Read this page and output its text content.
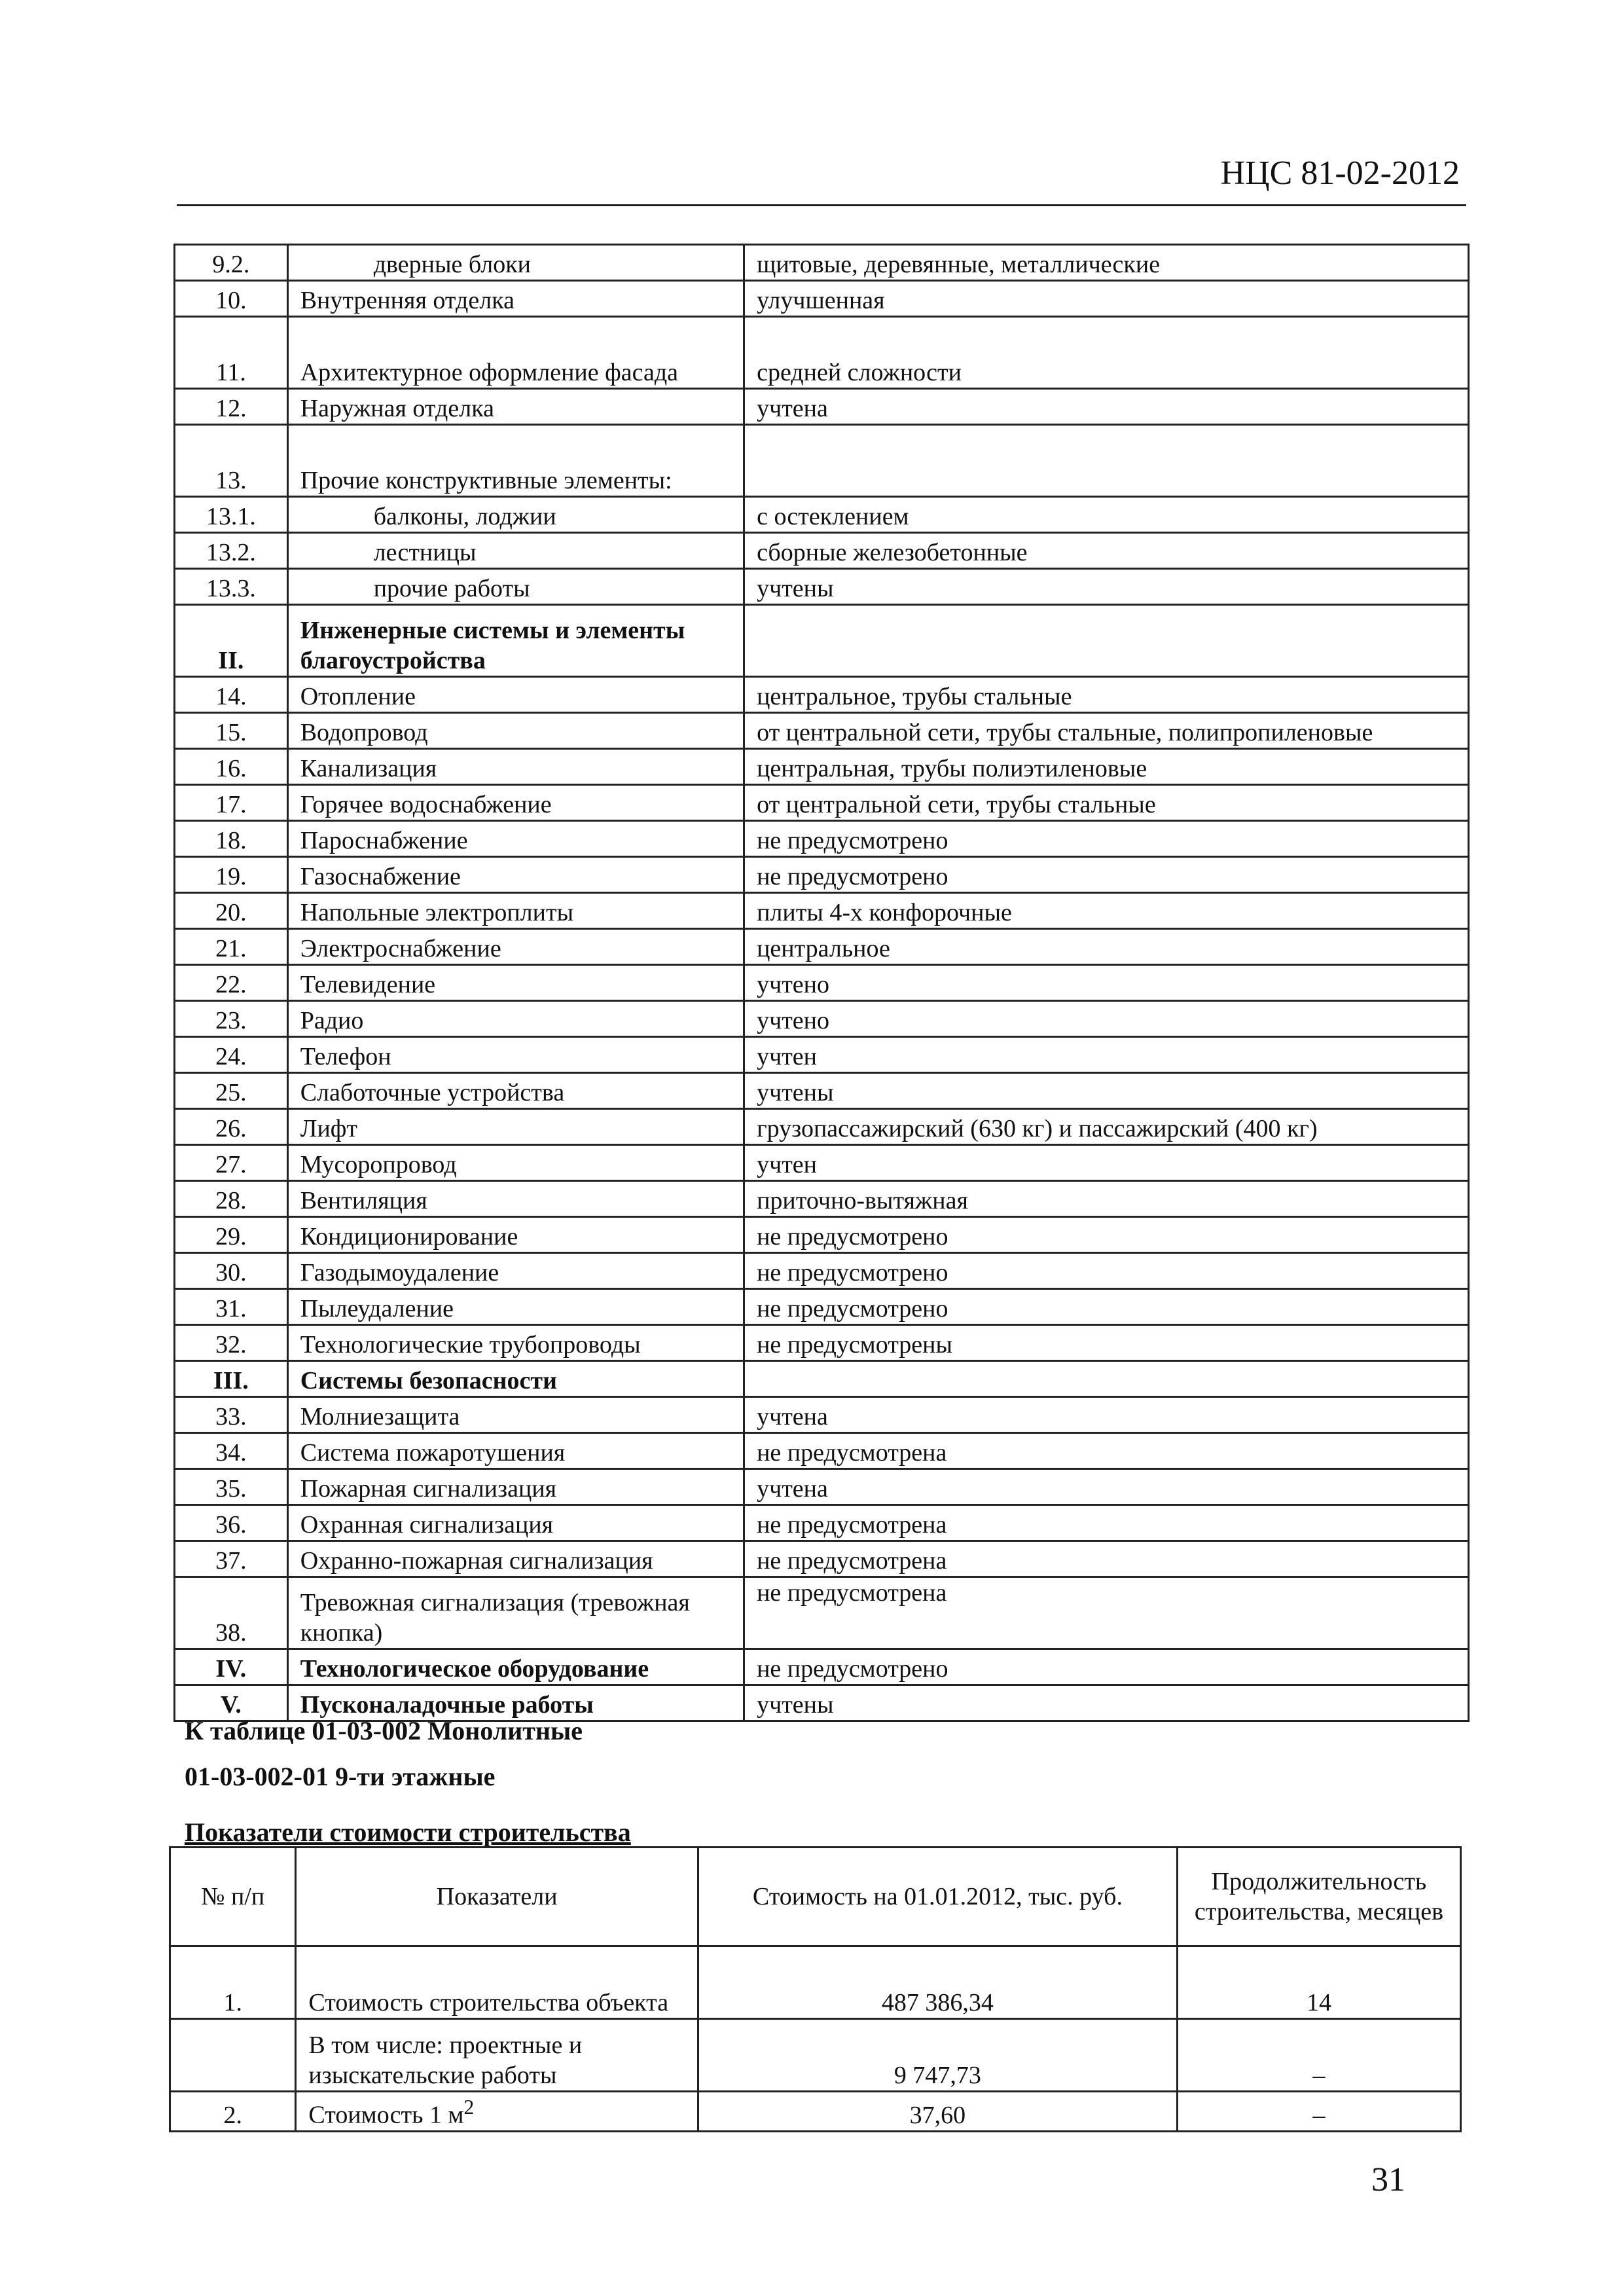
НЦС 81-02-2012
9.2.	дверные блоки	щитовые, деревянные, металлические
10.	Внутренняя отделка	улучшенная
11.	Архитектурное оформление фасада	средней сложности
12.	Наружная отделка	учтена
13.	Прочие конструктивные элементы:	
13.1.	балконы, лоджии	с остеклением
13.2.	лестницы	сборные железобетонные
13.3.	прочие работы	учтены
II.	Инженерные системы и элементы благоустройства	
14.	Отопление	центральное, трубы стальные
15.	Водопровод	от центральной сети, трубы стальные, полипропиленовые
16.	Канализация	центральная, трубы полиэтиленовые
17.	Горячее водоснабжение	от центральной сети, трубы стальные
18.	Пароснабжение	не предусмотрено
19.	Газоснабжение	не предусмотрено
20.	Напольные электроплиты	плиты 4-х конфорочные
21.	Электроснабжение	центральное
22.	Телевидение	учтено
23.	Радио	учтено
24.	Телефон	учтен
25.	Слаботочные устройства	учтены
26.	Лифт	грузопассажирский (630 кг) и пассажирский (400 кг)
27.	Мусоропровод	учтен
28.	Вентиляция	приточно-вытяжная
29.	Кондиционирование	не предусмотрено
30.	Газодымоудаление	не предусмотрено
31.	Пылеудаление	не предусмотрено
32.	Технологические трубопроводы	не предусмотрены
III.	Системы безопасности	
33.	Молниезащита	учтена
34.	Система пожаротушения	не предусмотрена
35.	Пожарная сигнализация	учтена
36.	Охранная сигнализация	не предусмотрена
37.	Охранно-пожарная сигнализация	не предусмотрена
38.	Тревожная сигнализация (тревожная кнопка)	не предусмотрена
IV.	Технологическое оборудование	не предусмотрено
V.	Пусконаладочные работы	учтены
К таблице 01-03-002 Монолитные
01-03-002-01 9-ти этажные
Показатели стоимости строительства
№ п/п	Показатели	Стоимость на 01.01.2012, тыс. руб.	Продолжительность строительства, месяцев
1.	Стоимость строительства объекта	487 386,34	14
	В том числе: проектные и изыскательские работы	9 747,73	–
2.	Стоимость 1 $м^2$	37,60	–
31
